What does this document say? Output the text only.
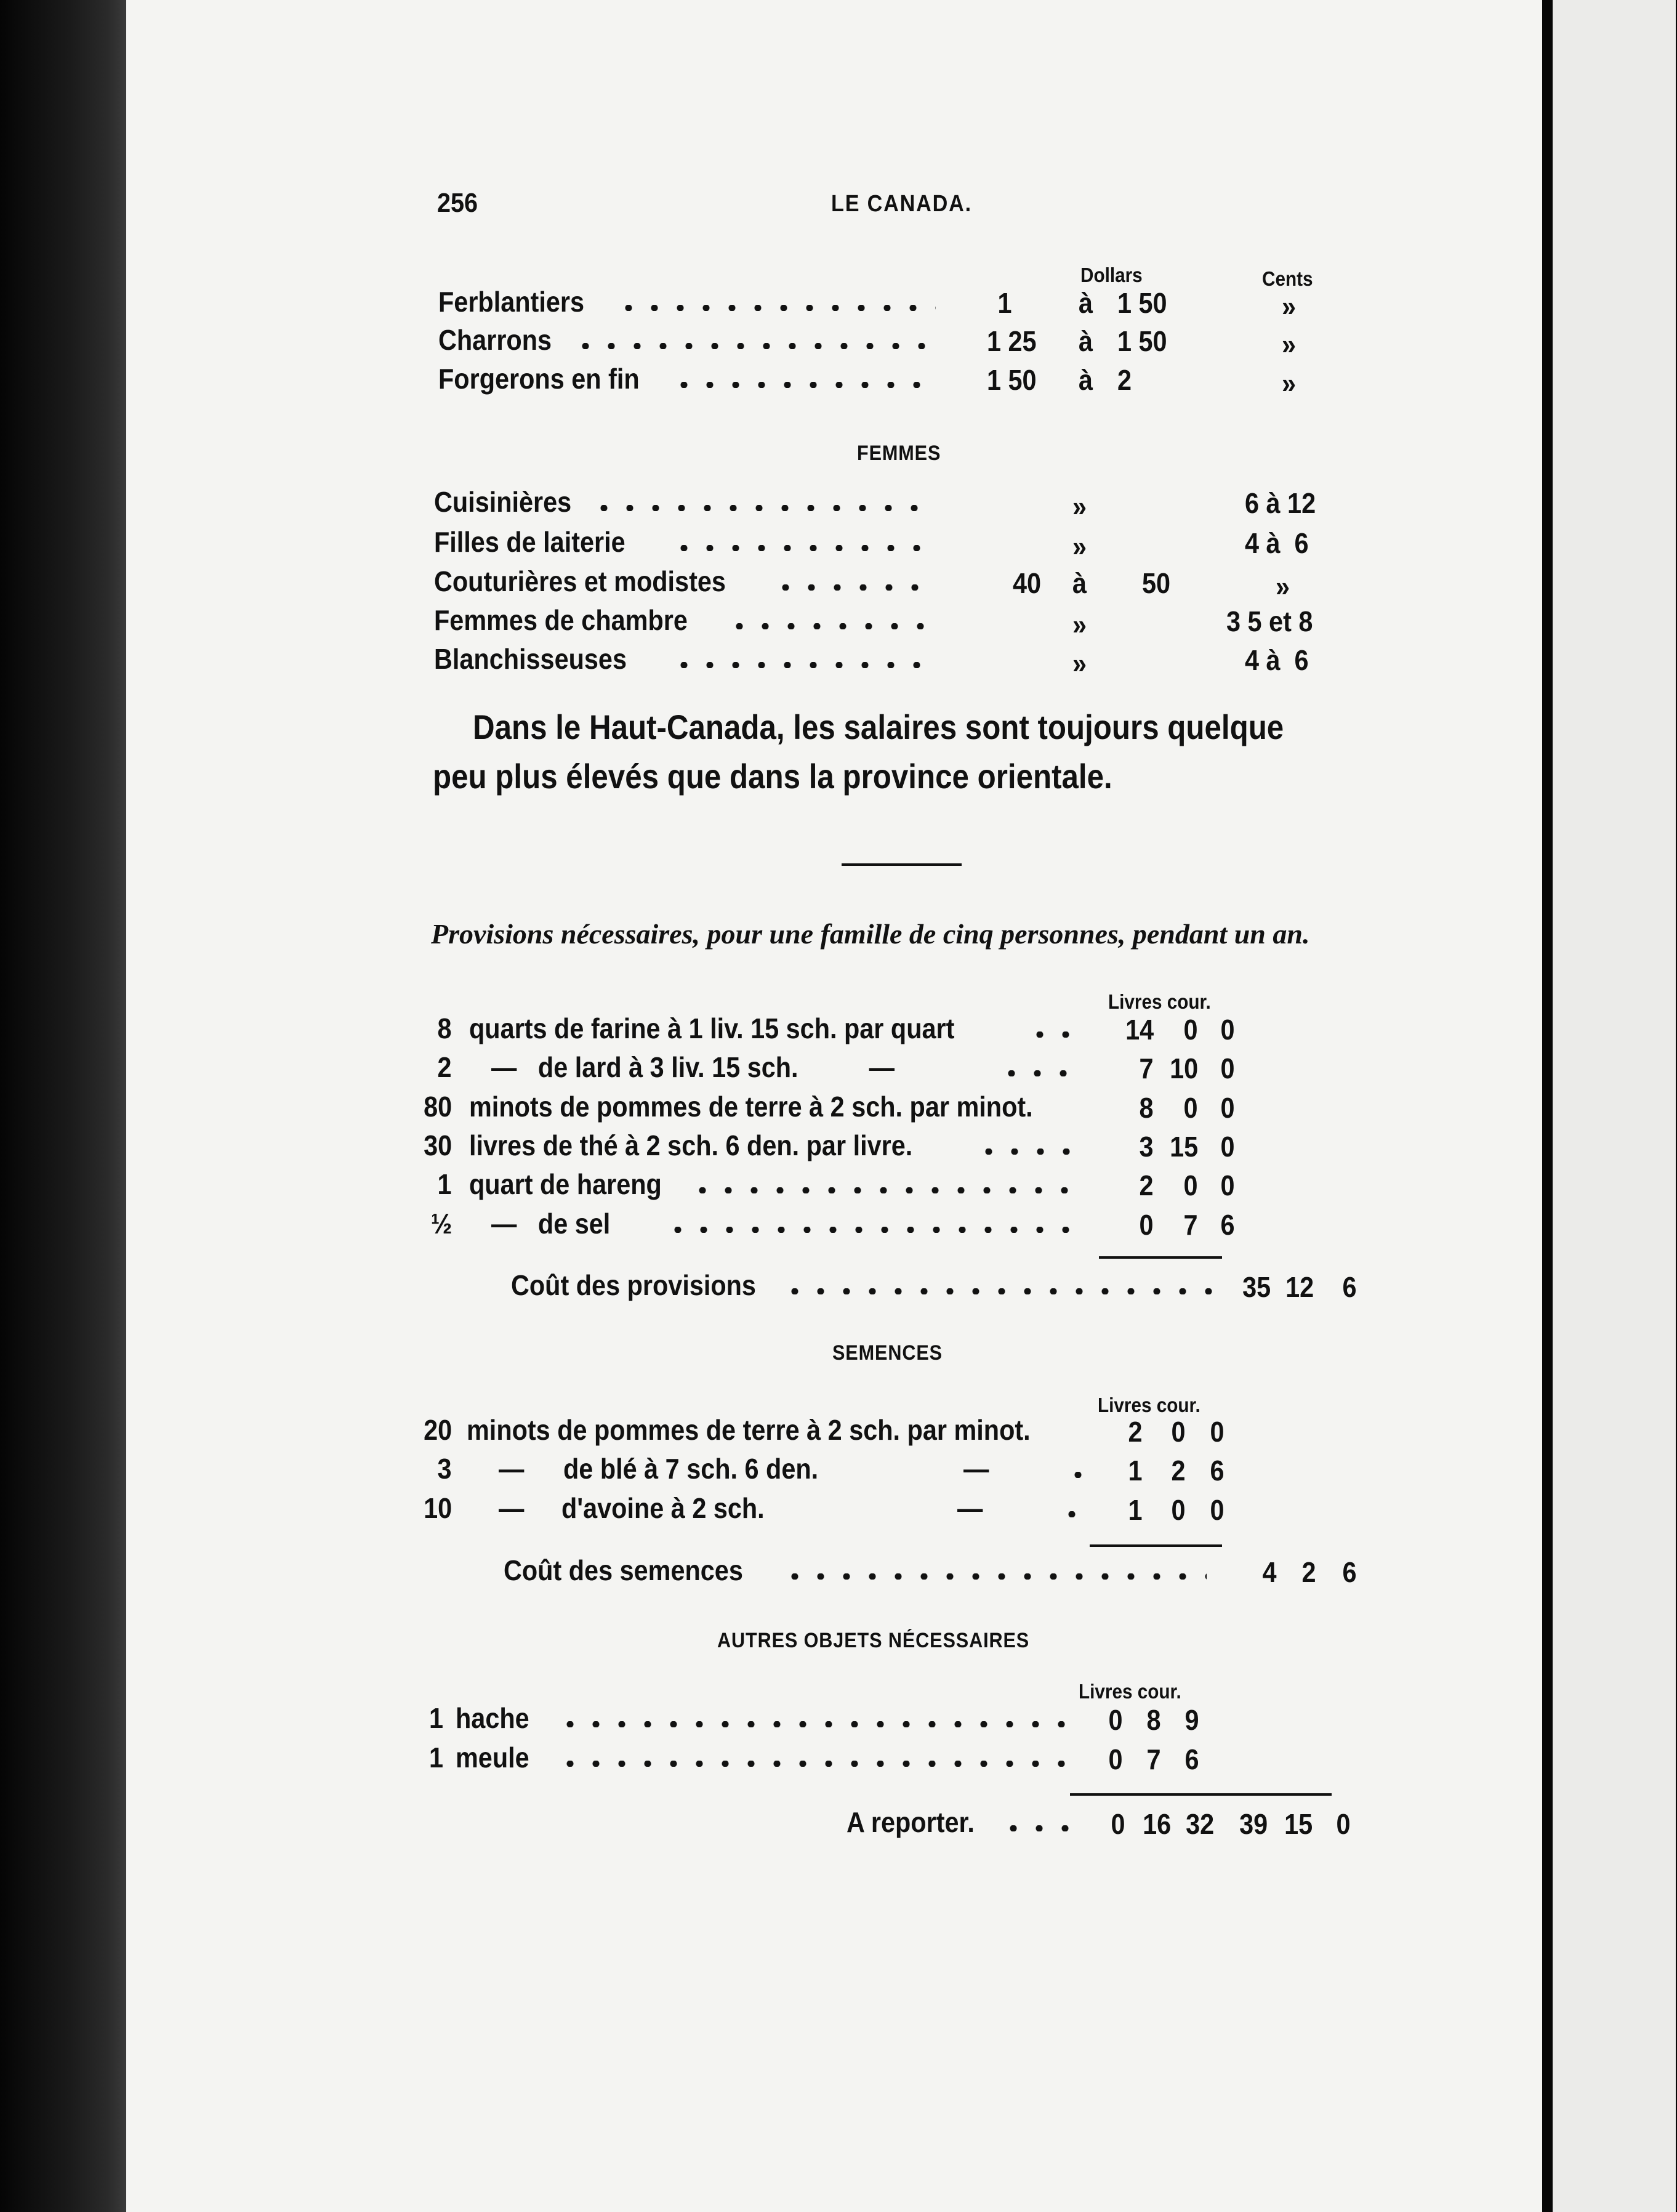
256	LE CANADA.
Dollars	Cents
Ferblantiers	1 à 1 50	»
Charrons	1 25 à 1 50	»
Forgerons en fin	1 50 à 2	»
FEMMES
Cuisinières	»	6 à 12
Filles de laiterie	»	4 à  6
Couturières et modistes	40 à 50	»
Femmes de chambre	»	3 5 et 8
Blanchisseuses	»	4 à  6
Dans le Haut-Canada, les salaires sont toujours quelque
peu plus élevés que dans la province orientale.
Provisions nécessaires, pour une famille de cinq personnes, pendant un an.
Livres cour.
8 quarts de farine à 1 liv. 15 sch. par quart	14 0 0
2 —   de lard à 3 liv. 15 sch.          —	7 10 0
80 minots de pommes de terre à 2 sch. par minot.	8 0 0
30 livres de thé à 2 sch. 6 den. par livre.	3 15 0
1 quart de hareng	2 0 0
½ —   de sel	0 7 6
Coût des provisions	35 12 6
SEMENCES
Livres cour.
20 minots de pommes de terre à 2 sch. par minot.	2 0 0
3 — de blé à 7 sch. 6 den.	—	1 2 6
10 — d'avoine à 2 sch.	—	1 0 0
Coût des semences	4 2 6
AUTRES OBJETS NÉCESSAIRES
Livres cour.
1 hache	0 8 9
1 meule	0 7 6
A reporter.	0 16 32 39 15 0
